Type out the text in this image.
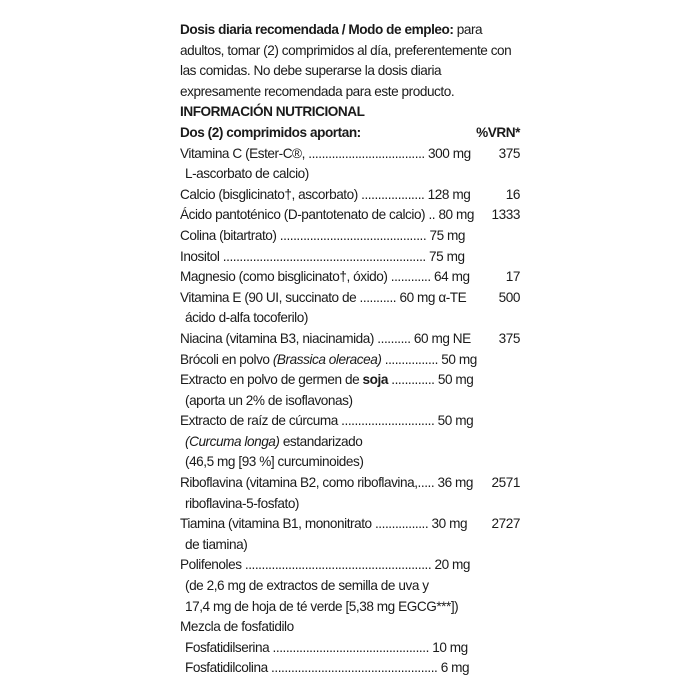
Dosis diaria recomendada / Modo de empleo: para
adultos, tomar (2) comprimidos al día, preferentemente con
las comidas. No debe superarse la dosis diaria
expresamente recomendada para este producto.

INFORMACIÓN NUTRICIONAL

Dos (2) comprimidos aportan:	%VRN*
Vitamina C (Ester-C®, ................................... 300 mg 375
L-ascorbato de calcio)
Calcio (bisglicinato†, ascorbato) ................... 128 mg	16
Ácido pantoténico (D-pantotenato de calcio) .. 80 mg 1333
Colina (bitartrato) ............................................ 75 mg
Inositol ............................................................. 75 mg
Magnesio (como bisglicinato†, óxido) ............ 64 mg	17
Vitamina E (90 UI, succinato de ........... 60 mg α-TE 500
ácido d-alfa tocoferilo)
Niacina (vitamina B3, niacinamida) .......... 60 mg NE 375
Brócoli en polvo (Brassica oleracea) ................ 50 mg
Extracto en polvo de germen de soja ............. 50 mg
(aporta un 2% de isoflavonas)
Extracto de raíz de cúrcuma ............................ 50 mg
(Curcuma longa) estandarizado
(46,5 mg [93 %] curcuminoides)
Riboflavina (vitamina B2, como riboflavina,..... 36 mg 2571
riboflavina-5-fosfato)
Tiamina (vitamina B1, mononitrato ................ 30 mg 2727
de tiamina)
Polifenoles ........................................................ 20 mg
(de 2,6 mg de extractos de semilla de uva y
17,4 mg de hoja de té verde [5,38 mg EGCG***])
Mezcla de fosfatidilo
Fosfatidilserina ............................................... 10 mg
Fosfatidilcolina .................................................. 6 mg
